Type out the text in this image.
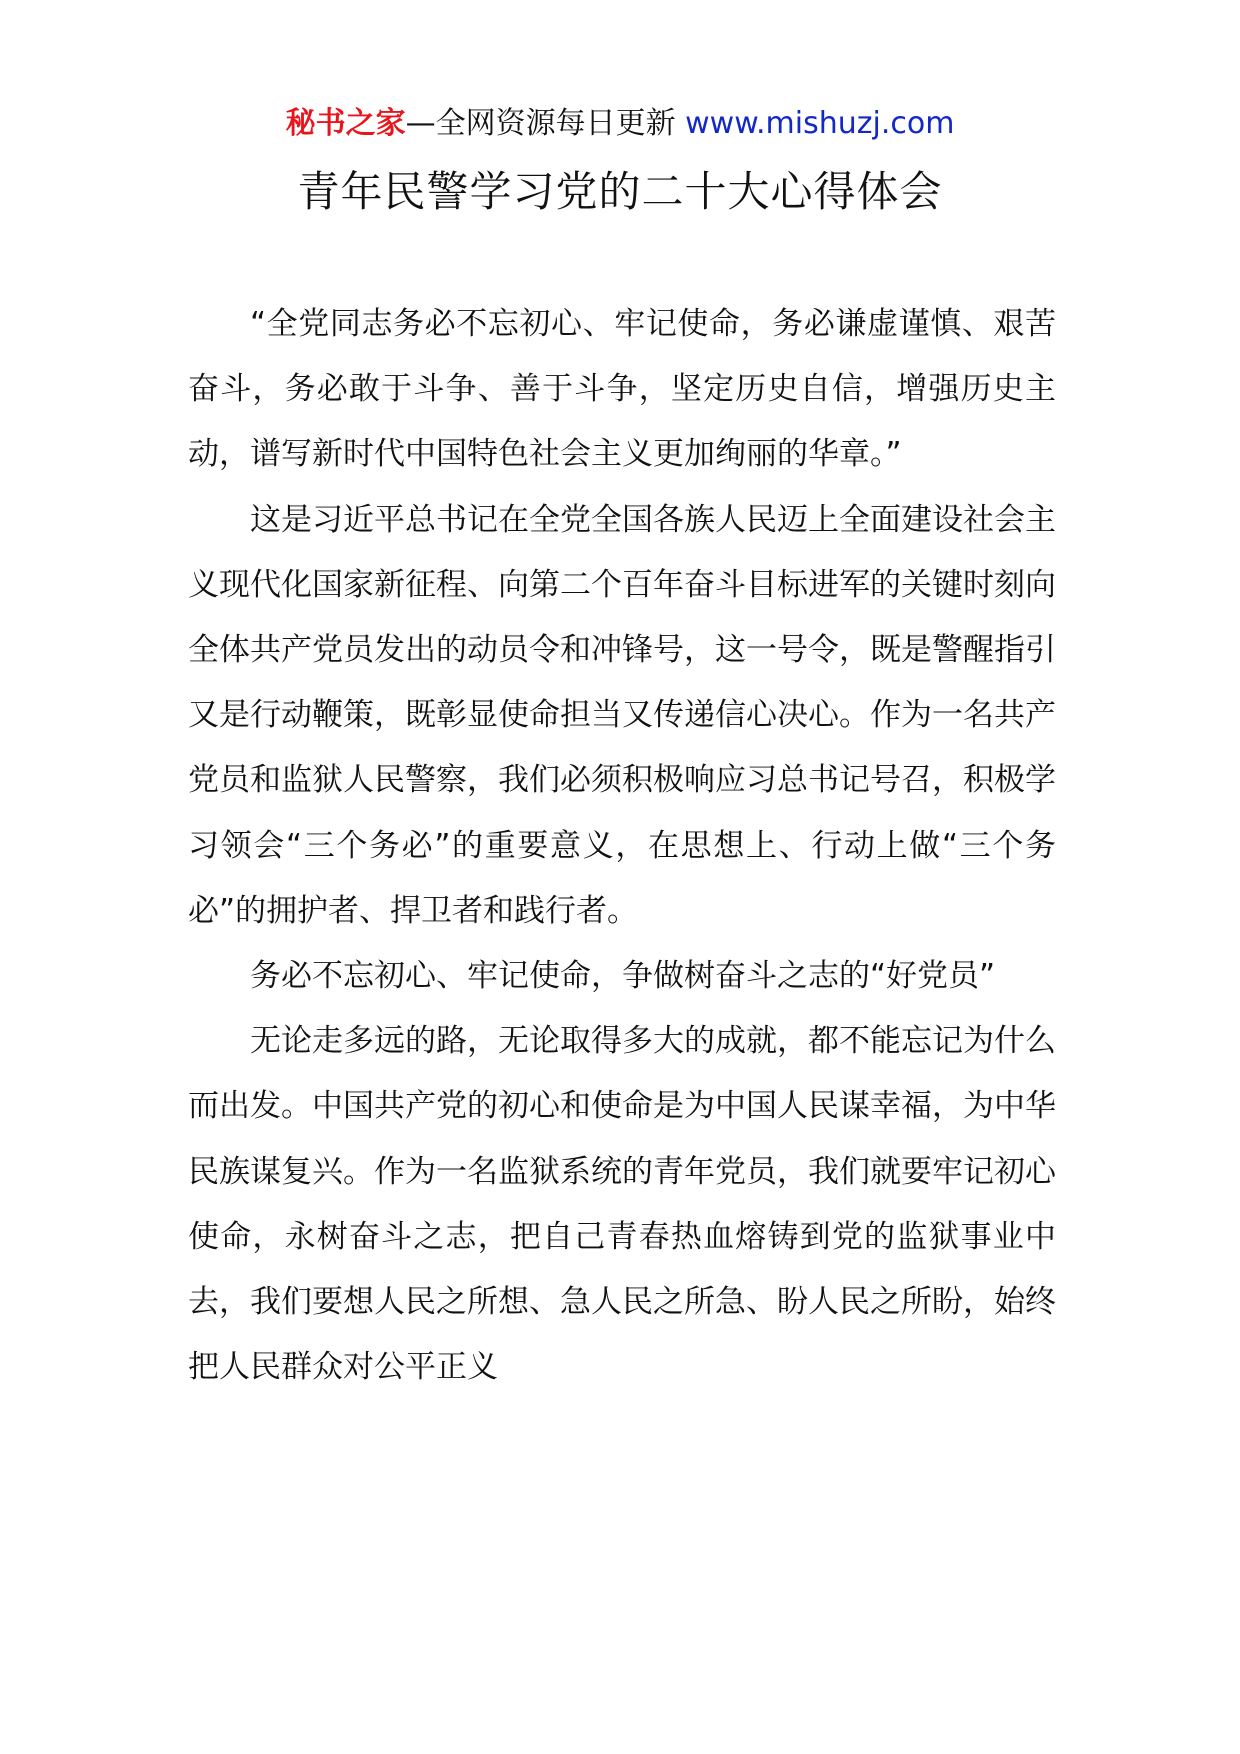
秘书之家—全网资源每日更新 www.mishuzj.com
青年民警学习党的二十大心得体会

“全党同志务必不忘初心、牢记使命，务必谦虚谨慎、艰苦奋斗，务必敢于斗争、善于斗争，坚定历史自信，增强历史主动，谱写新时代中国特色社会主义更加绚丽的华章。”

这是习近平总书记在全党全国各族人民迈上全面建设社会主义现代化国家新征程、向第二个百年奋斗目标进军的关键时刻向全体共产党员发出的动员令和冲锋号，这一号令，既是警醒指引又是行动鞭策，既彰显使命担当又传递信心决心。作为一名共产党员和监狱人民警察，我们必须积极响应习总书记号召，积极学习领会“三个务必”的重要意义，在思想上、行动上做“三个务必”的拥护者、捍卫者和践行者。

务必不忘初心、牢记使命，争做树奋斗之志的“好党员”

无论走多远的路，无论取得多大的成就，都不能忘记为什么而出发。中国共产党的初心和使命是为中国人民谋幸福，为中华民族谋复兴。作为一名监狱系统的青年党员，我们就要牢记初心使命，永树奋斗之志，把自己青春热血熔铸到党的监狱事业中去，我们要想人民之所想、急人民之所急、盼人民之所盼，始终把人民群众对公平正义
